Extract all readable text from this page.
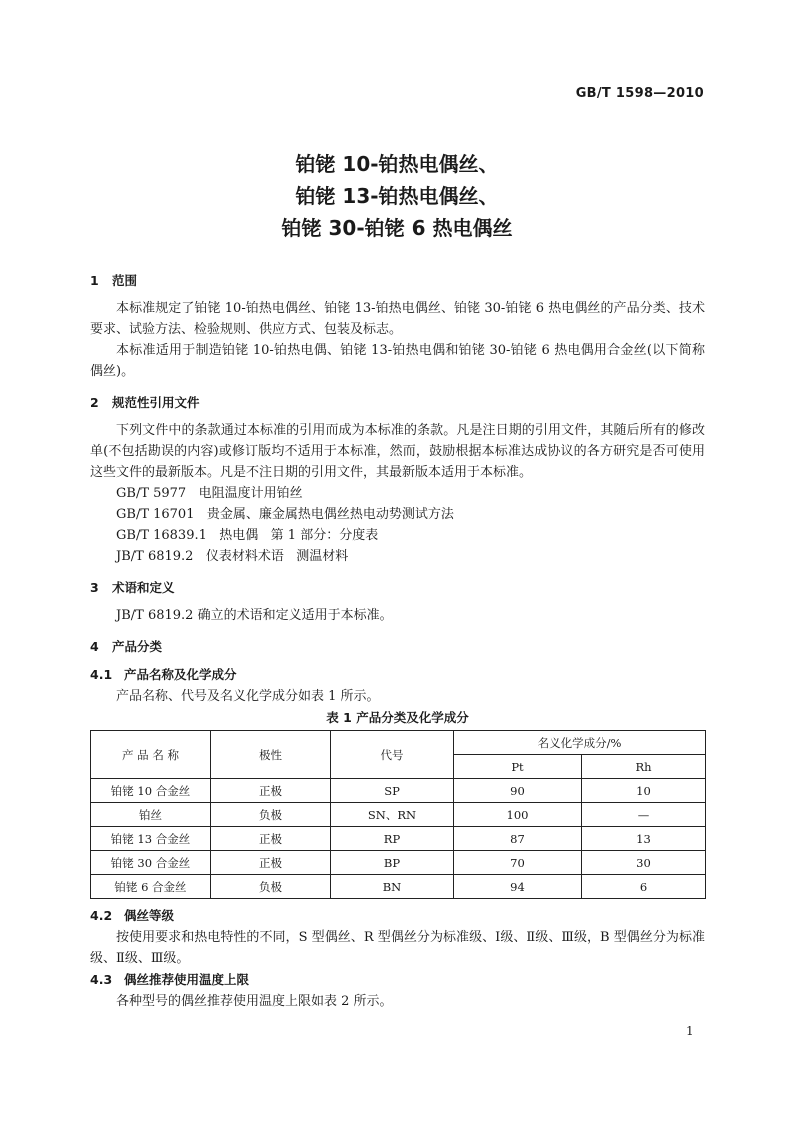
GB/T 1598—2010
铂铑 10-铂热电偶丝、
铂铑 13-铂热电偶丝、
铂铑 30-铂铑 6 热电偶丝
1 范围
本标准规定了铂铑 10-铂热电偶丝、铂铑 13-铂热电偶丝、铂铑 30-铂铑 6 热电偶丝的产品分类、技术要求、试验方法、检验规则、供应方式、包装及标志。
本标准适用于制造铂铑 10-铂热电偶、铂铑 13-铂热电偶和铂铑 30-铂铑 6 热电偶用合金丝(以下简称偶丝)。
2 规范性引用文件
下列文件中的条款通过本标准的引用而成为本标准的条款。凡是注日期的引用文件，其随后所有的修改单(不包括勘误的内容)或修订版均不适用于本标准，然而，鼓励根据本标准达成协议的各方研究是否可使用这些文件的最新版本。凡是不注日期的引用文件，其最新版本适用于本标准。
GB/T 5977   电阻温度计用铂丝
GB/T 16701   贵金属、廉金属热电偶丝热电动势测试方法
GB/T 16839.1   热电偶   第 1 部分：分度表
JB/T 6819.2   仪表材料术语   测温材料
3 术语和定义
JB/T 6819.2 确立的术语和定义适用于本标准。
4 产品分类
4.1 产品名称及化学成分
产品名称、代号及名义化学成分如表 1 所示。
表 1 产品分类及化学成分
产 品 名 称	极性	代号	名义化学成分/%	
			Pt	Rh
铂铑 10 合金丝	正极	SP	90	10
铂丝	负极	SN、RN	100	—
铂铑 13 合金丝	正极	RP	87	13
铂铑 30 合金丝	正极	BP	70	30
铂铑 6 合金丝	负极	BN	94	6
4.2 偶丝等级
按使用要求和热电特性的不同，S 型偶丝、R 型偶丝分为标准级、Ⅰ级、Ⅱ级、Ⅲ级，B 型偶丝分为标准级、Ⅱ级、Ⅲ级。
4.3 偶丝推荐使用温度上限
各种型号的偶丝推荐使用温度上限如表 2 所示。
1
